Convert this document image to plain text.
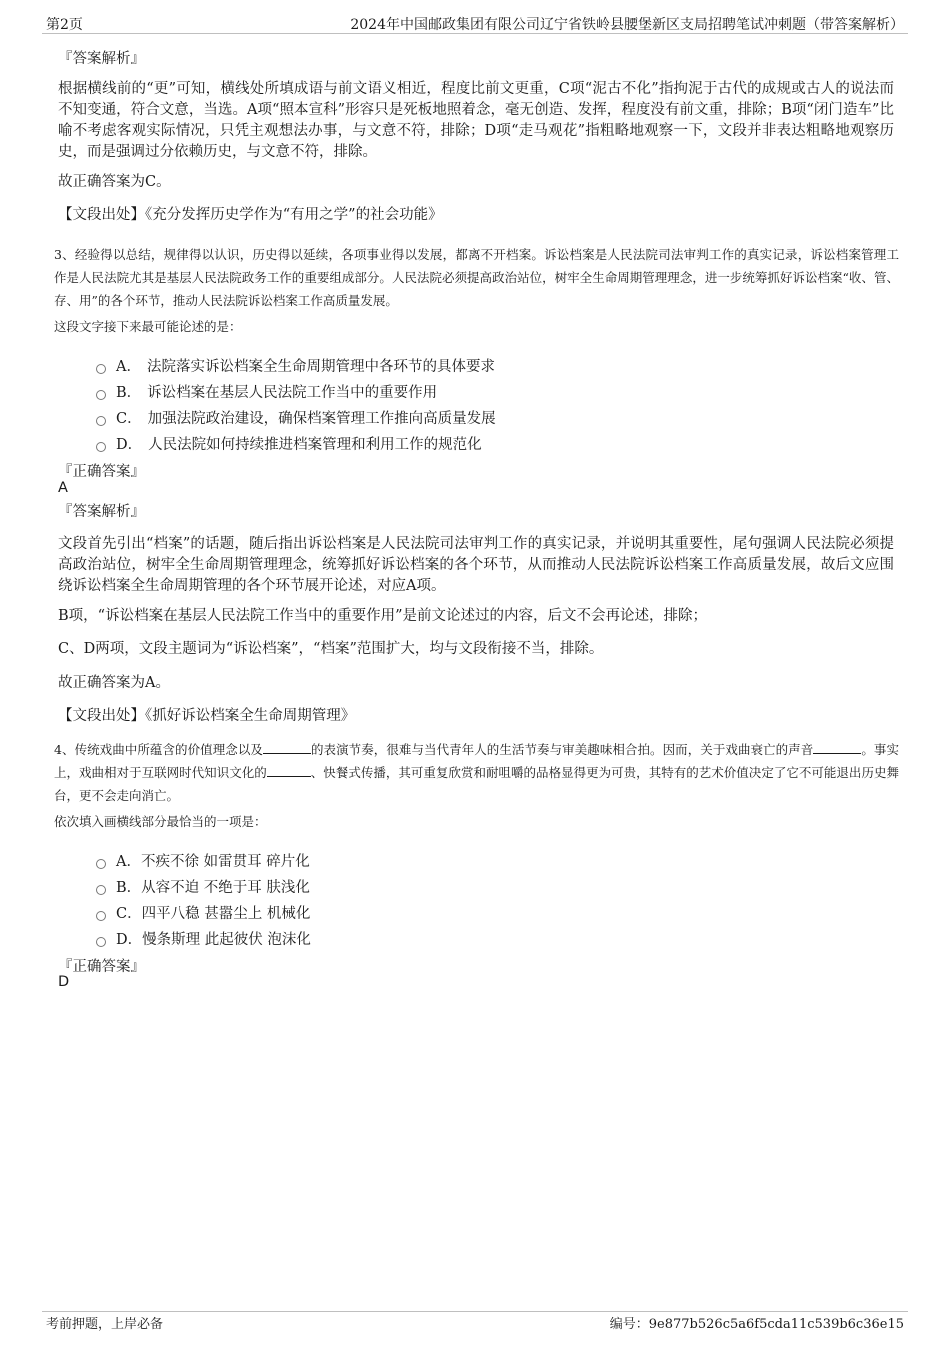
第2页	2024年中国邮政集团有限公司辽宁省铁岭县腰堡新区支局招聘笔试冲刺题（带答案解析）
『答案解析』
根据横线前的“更”可知，横线处所填成语与前文语义相近，程度比前文更重，C项“泥古不化”指拘泥于古代的成规或古人的说法而不知变通，符合文意，当选。A项“照本宣科”形容只是死板地照着念，毫无创造、发挥，程度没有前文重，排除；B项“闭门造车”比喻不考虑客观实际情况，只凭主观想法办事，与文意不符，排除；D项“走马观花”指粗略地观察一下，文段并非表达粗略地观察历史，而是强调过分依赖历史，与文意不符，排除。
故正确答案为C。
【文段出处】《充分发挥历史学作为“有用之学”的社会功能》
3、经验得以总结，规律得以认识，历史得以延续，各项事业得以发展，都离不开档案。诉讼档案是人民法院司法审判工作的真实记录，诉讼档案管理工作是人民法院尤其是基层人民法院政务工作的重要组成部分。人民法院必须提高政治站位，树牢全生命周期管理理念，进一步统筹抓好诉讼档案“收、管、存、用”的各个环节，推动人民法院诉讼档案工作高质量发展。
这段文字接下来最可能论述的是：
A． 法院落实诉讼档案全生命周期管理中各环节的具体要求
B． 诉讼档案在基层人民法院工作当中的重要作用
C． 加强法院政治建设，确保档案管理工作推向高质量发展
D． 人民法院如何持续推进档案管理和利用工作的规范化
『正确答案』
A
『答案解析』
文段首先引出“档案”的话题，随后指出诉讼档案是人民法院司法审判工作的真实记录，并说明其重要性，尾句强调人民法院必须提高政治站位，树牢全生命周期管理理念，统筹抓好诉讼档案的各个环节，从而推动人民法院诉讼档案工作高质量发展，故后文应围绕诉讼档案全生命周期管理的各个环节展开论述，对应A项。
B项，“诉讼档案在基层人民法院工作当中的重要作用”是前文论述过的内容，后文不会再论述，排除；
C、D两项，文段主题词为“诉讼档案”，“档案”范围扩大，均与文段衔接不当，排除。
故正确答案为A。
【文段出处】《抓好诉讼档案全生命周期管理》
4、传统戏曲中所蕴含的价值理念以及	的表演节奏，很难与当代青年人的生活节奏与审美趣味相合拍。因而，关于戏曲衰亡的声音	。事实上，戏曲相对于互联网时代知识文化的	、快餐式传播，其可重复欣赏和耐咀嚼的品格显得更为可贵，其特有的艺术价值决定了它不可能退出历史舞台，更不会走向消亡。
依次填入画横线部分最恰当的一项是：
A． 不疾不徐 如雷贯耳 碎片化
B． 从容不迫 不绝于耳 肤浅化
C． 四平八稳 甚嚣尘上 机械化
D． 慢条斯理 此起彼伏 泡沫化
『正确答案』
D
考前押题，上岸必备	编号：9e877b526c5a6f5cda11c539b6c36e15
